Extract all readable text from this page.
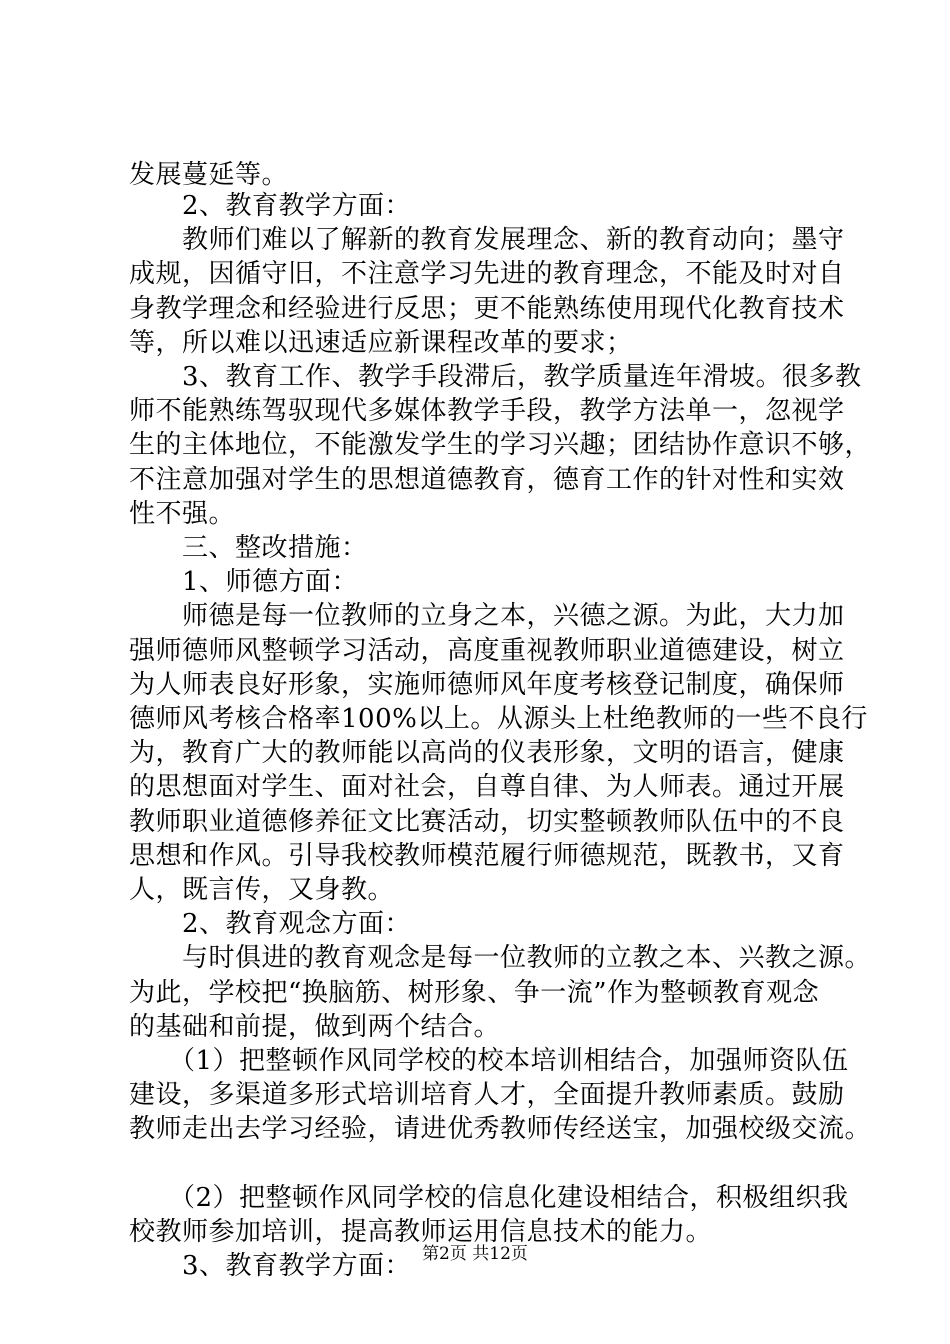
发展蔓延等。
　　2、教育教学方面：
　　教师们难以了解新的教育发展理念、新的教育动向；墨守
成规，因循守旧，不注意学习先进的教育理念，不能及时对自
身教学理念和经验进行反思；更不能熟练使用现代化教育技术
等，所以难以迅速适应新课程改革的要求；
　　3、教育工作、教学手段滞后，教学质量连年滑坡。很多教
师不能熟练驾驭现代多媒体教学手段，教学方法单一，忽视学
生的主体地位，不能激发学生的学习兴趣；团结协作意识不够，
不注意加强对学生的思想道德教育，德育工作的针对性和实效
性不强。
　　三、整改措施：
　　1、师德方面：
　　师德是每一位教师的立身之本，兴德之源。为此，大力加
强师德师风整顿学习活动，高度重视教师职业道德建设，树立
为人师表良好形象，实施师德师风年度考核登记制度，确保师
德师风考核合格率100%以上。从源头上杜绝教师的一些不良行
为，教育广大的教师能以高尚的仪表形象，文明的语言，健康
的思想面对学生、面对社会，自尊自律、为人师表。通过开展
教师职业道德修养征文比赛活动，切实整顿教师队伍中的不良
思想和作风。引导我校教师模范履行师德规范，既教书，又育
人，既言传，又身教。
　　2、教育观念方面：
　　与时俱进的教育观念是每一位教师的立教之本、兴教之源。
为此，学校把“换脑筋、树形象、争一流”作为整顿教育观念
的基础和前提，做到两个结合。
　　（1）把整顿作风同学校的校本培训相结合，加强师资队伍
建设，多渠道多形式培训培育人才，全面提升教师素质。鼓励
教师走出去学习经验，请进优秀教师传经送宝，加强校级交流。
　　（2）把整顿作风同学校的信息化建设相结合，积极组织我
校教师参加培训，提高教师运用信息技术的能力。
　　3、教育教学方面： 第2页 共12页
